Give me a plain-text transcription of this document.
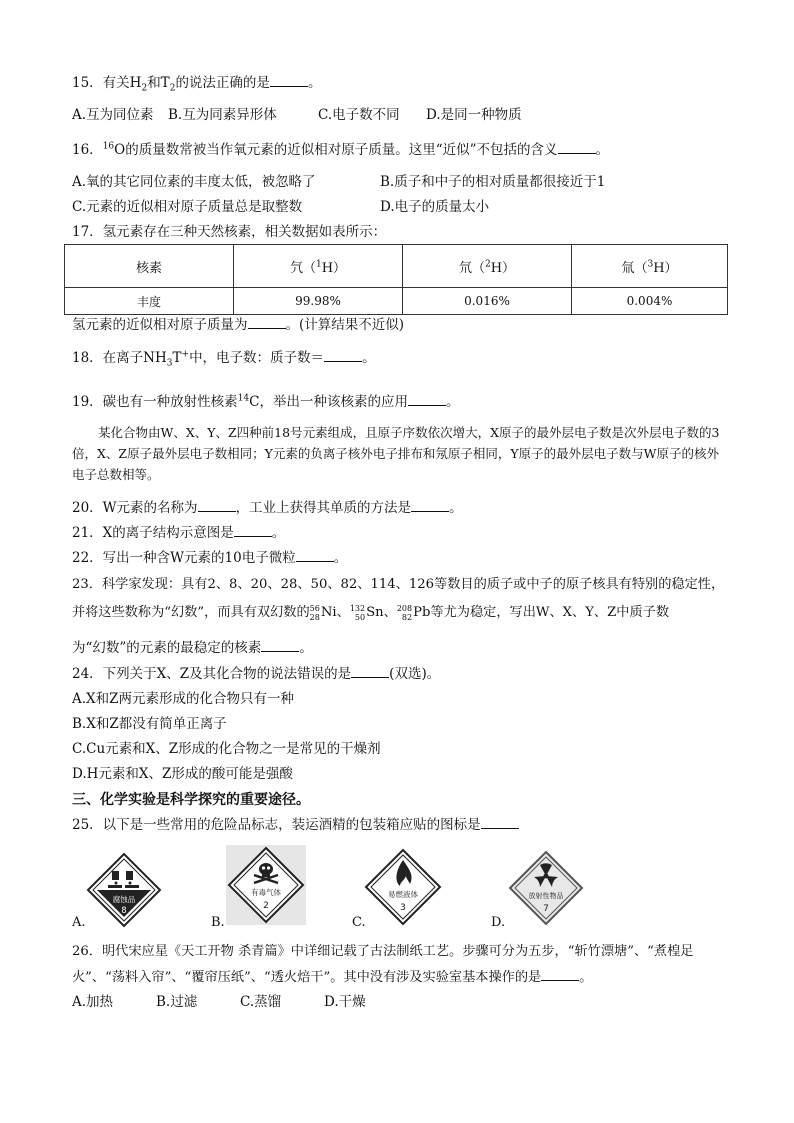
15．有关$H_2$和$T_2$的说法正确的是	。
A.互为同位素 B.互为同素异形体	C.电子数不同 D.是同一种物质
16．$^{16}$O的质量数常被当作氧元素的近似相对原子质量。这里“近似”不包括的含义	。
A.氧的其它同位素的丰度太低，被忽略了	B.质子和中子的相对质量都很接近于1
C.元素的近似相对原子质量总是取整数	D.电子的质量太小
17．氢元素存在三种天然核素，相关数据如表所示：
核素	氕（$^1$H）	氘（$^2$H）	氚（$^3$H）
丰度	99.98%	0.016%	0.004%
氢元素的近似相对原子质量为	。(计算结果不近似)
18．在离子$NH_3T^+$中，电子数：质子数＝	。
19．碳也有一种放射性核素$^{14}$C，举出一种该核素的应用	。
某化合物由W、X、Y、Z四种前18号元素组成，且原子序数依次增大，X原子的最外层电子数是次外层电子数的3倍，X、Z原子最外层电子数相同；Y元素的负离子核外电子排布和氖原子相同，Y原子的最外层电子数与W原子的核外电子总数相等。
20．W元素的名称为	，工业上获得其单质的方法是	。
21．X的离子结构示意图是	。
22．写出一种含W元素的10电子微粒	。
23．科学家发现：具有2、8、20、28、50、82、114、126等数目的质子或中子的原子核具有特别的稳定性，
并将这些数称为“幻数”，而具有双幻数的56
28Ni、132
50Sn、208
82Pb等尤为稳定，写出W、X、Y、Z中质子数
为“幻数”的元素的最稳定的核素	。
24．下列关于X、Z及其化合物的说法错误的是	(双选)。
A.X和Z两元素形成的化合物只有一种
B.X和Z都没有简单正离子
C.Cu元素和X、Z形成的化合物之一是常见的干燥剂
D.H元素和X、Z形成的酸可能是强酸
三、化学实验是科学探究的重要途径。
25．以下是一些常用的危险品标志，装运酒精的包装箱应贴的图标是
腐蚀品
8
A.
有毒气体
2
B.
易燃液体
3
C.
放射性物品
7
D.
26．明代宋应星《天工开物 杀青篇》中详细记载了古法制纸工艺。步骤可分为五步，“斩竹漂塘”、“煮楻足
火”、“荡料入帘”、“覆帘压纸”、“透火焙干”。其中没有涉及实验室基本操作的是	。
A.加热	B.过滤	C.蒸馏	D.干燥
